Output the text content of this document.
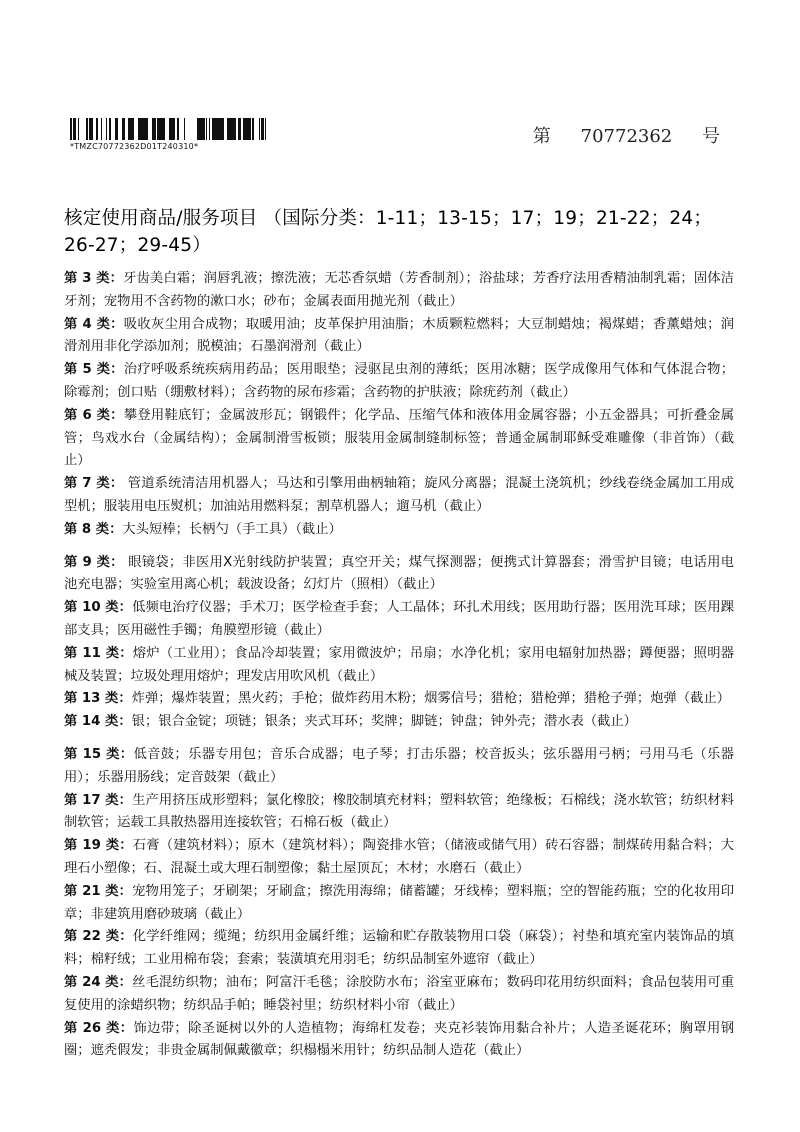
*TMZC70772362D01T240310*	第 70772362 号
核定使用商品/服务项目 （国际分类：1-11；13-15；17；19；21-22；24；26-27；29-45）

第 3 类：牙齿美白霜；润唇乳液；擦洗液；无芯香氛蜡（芳香制剂）；浴盐球；芳香疗法用香精油制乳霜；固体洁牙剂；宠物用不含药物的漱口水；砂布；金属表面用抛光剂（截止）

第 4 类：吸收灰尘用合成物；取暖用油；皮革保护用油脂；木质颗粒燃料；大豆制蜡烛；褐煤蜡；香薰蜡烛；润滑剂用非化学添加剂；脱模油；石墨润滑剂（截止）

第 5 类：治疗呼吸系统疾病用药品；医用眼垫；浸驱昆虫剂的薄纸；医用冰糖；医学成像用气体和气体混合物；除霉剂；创口贴（绷敷材料）；含药物的尿布疹霜；含药物的护肤液；除疣药剂（截止）

第 6 类：攀登用鞋底钉；金属波形瓦；钢锻件；化学品、压缩气体和液体用金属容器；小五金器具；可折叠金属管；鸟戏水台（金属结构）；金属制滑雪板锁；服装用金属制缝制标签；普通金属制耶稣受难雕像（非首饰）（截止）

第 7 类： 管道系统清洁用机器人；马达和引擎用曲柄轴箱；旋风分离器；混凝土浇筑机；纱线卷绕金属加工用成型机；服装用电压熨机；加油站用燃料泵；割草机器人；遛马机（截止）

第 8 类：大头短棒；长柄勺（手工具）（截止）

第 9 类： 眼镜袋；非医用X光射线防护装置；真空开关；煤气探测器；便携式计算器套；滑雪护目镜；电话用电池充电器；实验室用离心机；载波设备；幻灯片（照相）（截止）

第 10 类：低频电治疗仪器；手术刀；医学检查手套；人工晶体；环扎术用线；医用助行器；医用洗耳球；医用踝部支具；医用磁性手镯；角膜塑形镜（截止）

第 11 类：熔炉（工业用）；食品冷却装置；家用微波炉；吊扇；水净化机；家用电辐射加热器；蹲便器；照明器械及装置；垃圾处理用熔炉；理发店用吹风机（截止）

第 13 类：炸弹；爆炸装置；黑火药；手枪；做炸药用木粉；烟雾信号；猎枪；猎枪弹；猎枪子弹；炮弹（截止）

第 14 类：银；银合金锭；项链；银条；夹式耳环；奖牌；脚链；钟盘；钟外壳；潜水表（截止）

第 15 类：低音鼓；乐器专用包；音乐合成器；电子琴；打击乐器；校音扳头；弦乐器用弓柄；弓用马毛（乐器用）；乐器用肠线；定音鼓架（截止）

第 17 类：生产用挤压成形塑料；氯化橡胶；橡胶制填充材料；塑料软管；绝缘板；石棉线；浇水软管；纺织材料制软管；运载工具散热器用连接软管；石棉石板（截止）

第 19 类：石膏（建筑材料）；原木（建筑材料）；陶瓷排水管；（储液或储气用）砖石容器；制煤砖用黏合料；大理石小塑像；石、混凝土或大理石制塑像；黏土屋顶瓦；木材；水磨石（截止）

第 21 类：宠物用笼子；牙刷架；牙刷盒；擦洗用海绵；储蓄罐；牙线棒；塑料瓶；空的智能药瓶；空的化妆用印章；非建筑用磨砂玻璃（截止）

第 22 类：化学纤维网；缆绳；纺织用金属纤维；运输和贮存散装物用口袋（麻袋）；衬垫和填充室内装饰品的填料；棉籽绒；工业用棉布袋；套索；装潢填充用羽毛；纺织品制室外遮帘（截止）

第 24 类：丝毛混纺织物；油布；阿富汗毛毯；涂胶防水布；浴室亚麻布；数码印花用纺织面料；食品包装用可重复使用的涂蜡织物；纺织品手帕；睡袋衬里；纺织材料小帘（截止）

第 26 类：饰边带；除圣诞树以外的人造植物；海绵杠发卷；夹克衫装饰用黏合补片；人造圣诞花环；胸罩用钢圈；遮秃假发；非贵金属制佩戴徽章；织榻榻米用针；纺织品制人造花（截止）
